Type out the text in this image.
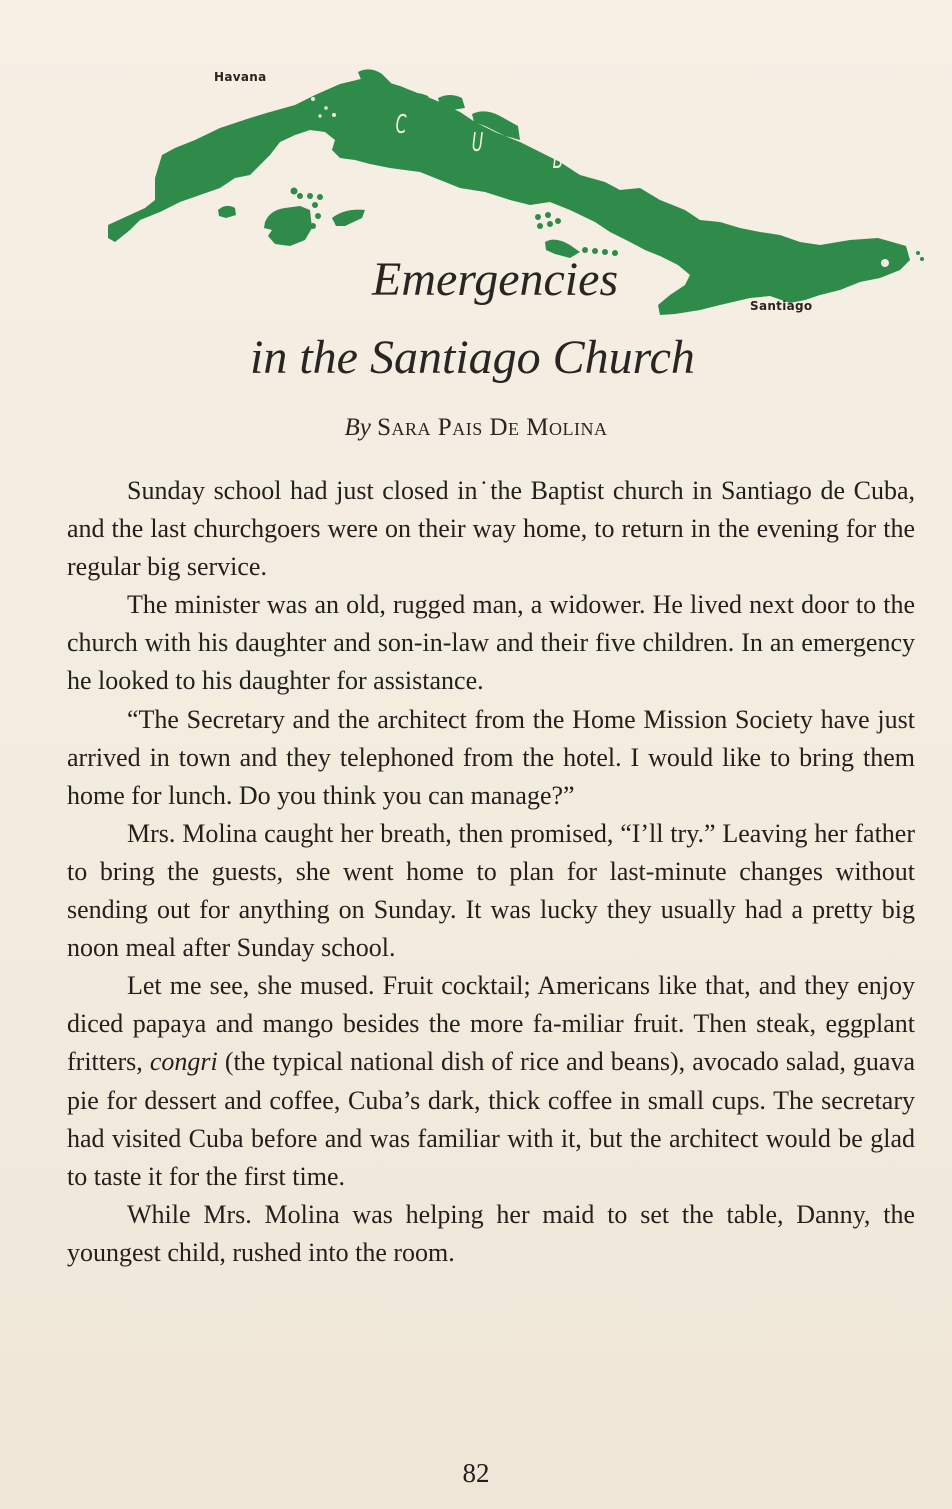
Havana
Santiago
C
U
B
A
Emergencies
in the Santiago Church
By Sara Pais De Molina

Sunday school had just closed in˙the Baptist church in Santiago de Cuba, and the last churchgoers were on their way home, to return in the evening for the regular big service.

The minister was an old, rugged man, a widower. He lived next door to the church with his daughter and son-in-law and their five children. In an emergency he looked to his daughter for assistance.

“The Secretary and the architect from the Home Mission Society have just arrived in town and they telephoned from the hotel. I would like to bring them home for lunch. Do you think you can manage?”

Mrs. Molina caught her breath, then promised, “I’ll try.” Leaving her father to bring the guests, she went home to plan for last-minute changes without sending out for anything on Sunday. It was lucky they usually had a pretty big noon meal after Sunday school.

Let me see, she mused. Fruit cocktail; Americans like that, and they enjoy diced papaya and mango besides the more fa-miliar fruit. Then steak, eggplant fritters, congri (the typical national dish of rice and beans), avocado salad, guava pie for dessert and coffee, Cuba’s dark, thick coffee in small cups. The secretary had visited Cuba before and was familiar with it, but the architect would be glad to taste it for the first time.

While Mrs. Molina was helping her maid to set the table, Danny, the youngest child, rushed into the room.

82
